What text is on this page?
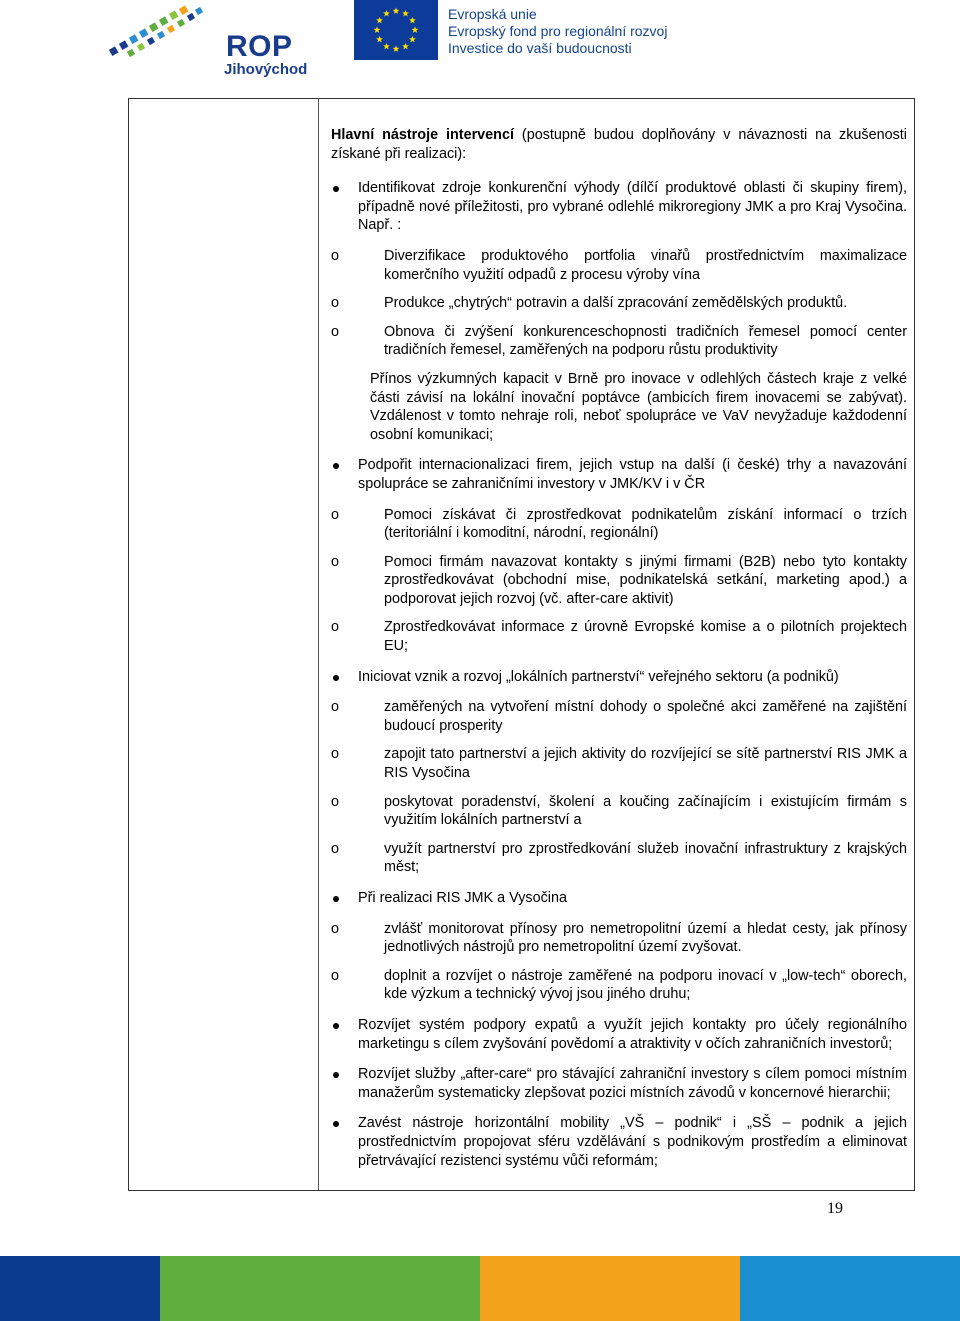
ROP
Jihovýchod
Evropská unie
Evropský fond pro regionální rozvoj
Investice do vaší budoucnosti

Hlavní nástroje intervencí (postupně budou doplňovány v návaznosti na zkušenosti získané při realizaci):

Identifikovat zdroje konkurenční výhody (dílčí produktové oblasti či skupiny firem), případně nové příležitosti, pro vybrané odlehlé mikroregiony JMK a pro Kraj Vysočina. Např. :
o	Diverzifikace produktového portfolia vinařů prostřednictvím maximalizace komerčního využití odpadů z procesu výroby vína
o	Produkce „chytrých“ potravin a další zpracování zemědělských produktů.
o	Obnova či zvýšení konkurenceschopnosti tradičních řemesel pomocí center tradičních řemesel, zaměřených na podporu růstu produktivity
Přínos výzkumných kapacit v Brně pro inovace v odlehlých částech kraje z velké části závisí na lokální inovační poptávce (ambicích firem inovacemi se zabývat). Vzdálenost v tomto nehraje roli, neboť spolupráce ve VaV nevyžaduje každodenní osobní komunikaci;
Podpořit internacionalizaci firem, jejich vstup na další (i české) trhy a navazování spolupráce se zahraničními investory v JMK/KV i v ČR
o	Pomoci získávat či zprostředkovat podnikatelům získání informací o trzích (teritoriální i komoditní, národní, regionální)
o	Pomoci firmám navazovat kontakty s jinými firmami (B2B) nebo tyto kontakty zprostředkovávat (obchodní mise, podnikatelská setkání, marketing apod.) a podporovat jejich rozvoj (vč. after-care aktivit)
o	Zprostředkovávat informace z úrovně Evropské komise a o pilotních projektech EU;
Iniciovat vznik a rozvoj „lokálních partnerství“ veřejného sektoru (a podniků)
o	zaměřených na vytvoření místní dohody o společné akci zaměřené na zajištění budoucí prosperity
o	zapojit tato partnerství a jejich aktivity do rozvíjející se sítě partnerství RIS JMK a RIS Vysočina
o	poskytovat poradenství, školení a koučing začínajícím i existujícím firmám s využitím lokálních partnerství a
o	využít partnerství pro zprostředkování služeb inovační infrastruktury z krajských měst;
Při realizaci RIS JMK a Vysočina
o	zvlášť monitorovat přínosy pro nemetropolitní území a hledat cesty, jak přínosy jednotlivých nástrojů pro nemetropolitní území zvyšovat.
o	doplnit a rozvíjet o nástroje zaměřené na podporu inovací v „low-tech“ oborech, kde výzkum a technický vývoj jsou jiného druhu;
Rozvíjet systém podpory expatů a využít jejich kontakty pro účely regionálního marketingu s cílem zvyšování povědomí a atraktivity v očích zahraničních investorů;
Rozvíjet služby „after-care“ pro stávající zahraniční investory s cílem pomoci místním manažerům systematicky zlepšovat pozici místních závodů v koncernové hierarchii;
Zavést nástroje horizontální mobility „VŠ – podnik“ i „SŠ – podnik a jejich prostřednictvím propojovat sféru vzdělávání s podnikovým prostředím a eliminovat přetrvávající rezistenci systému vůči reformám;
19
